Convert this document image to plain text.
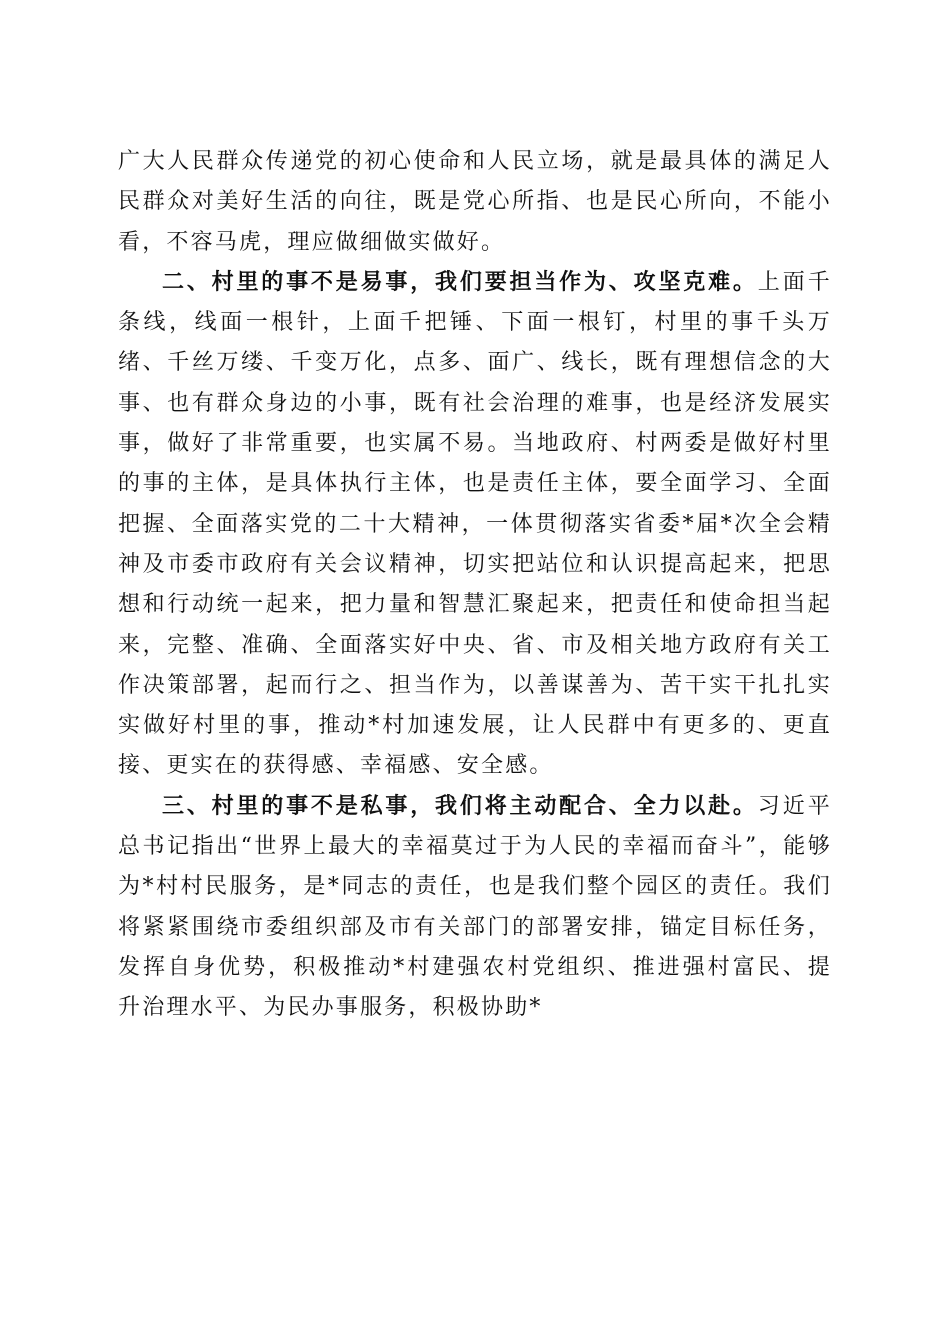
广大人民群众传递党的初心使命和人民立场，就是最具体的满足人民群众对美好生活的向往，既是党心所指、也是民心所向，不能小看，不容马虎，理应做细做实做好。

二、村里的事不是易事，我们要担当作为、攻坚克难。上面千条线，线面一根针，上面千把锤、下面一根钉，村里的事千头万绪、千丝万缕、千变万化，点多、面广、线长，既有理想信念的大事、也有群众身边的小事，既有社会治理的难事，也是经济发展实事，做好了非常重要，也实属不易。当地政府、村两委是做好村里的事的主体，是具体执行主体，也是责任主体，要全面学习、全面把握、全面落实党的二十大精神，一体贯彻落实省委*届*次全会精神及市委市政府有关会议精神，切实把站位和认识提高起来，把思想和行动统一起来，把力量和智慧汇聚起来，把责任和使命担当起来，完整、准确、全面落实好中央、省、市及相关地方政府有关工作决策部署，起而行之、担当作为，以善谋善为、苦干实干扎扎实实做好村里的事，推动*村加速发展，让人民群中有更多的、更直接、更实在的获得感、幸福感、安全感。

三、村里的事不是私事，我们将主动配合、全力以赴。习近平总书记指出“世界上最大的幸福莫过于为人民的幸福而奋斗”，能够为*村村民服务，是*同志的责任，也是我们整个园区的责任。我们将紧紧围绕市委组织部及市有关部门的部署安排，锚定目标任务，发挥自身优势，积极推动*村建强农村党组织、推进强村富民、提升治理水平、为民办事服务，积极协助*
